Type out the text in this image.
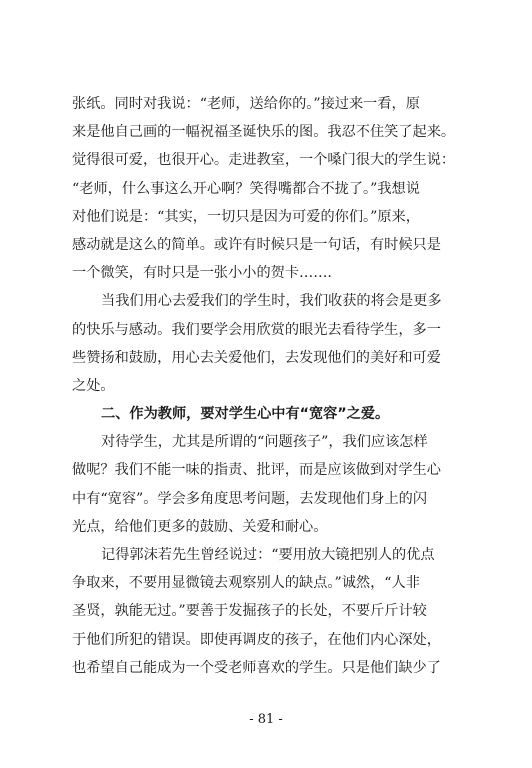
张纸。同时对我说：“老师，送给你的。”接过来一看，原
来是他自己画的一幅祝福圣诞快乐的图。我忍不住笑了起来。
觉得很可爱，也很开心。走进教室，一个嗓门很大的学生说：
“老师，什么事这么开心啊？笑得嘴都合不拢了。”我想说
对他们说是：“其实，一切只是因为可爱的你们。”原来，
感动就是这么的简单。或许有时候只是一句话，有时候只是
一个微笑，有时只是一张小小的贺卡…….
当我们用心去爱我们的学生时，我们收获的将会是更多
的快乐与感动。我们要学会用欣赏的眼光去看待学生，多一
些赞扬和鼓励，用心去关爱他们，去发现他们的美好和可爱
之处。
二、作为教师，要对学生心中有“宽容”之爱。
对待学生，尤其是所谓的“问题孩子”，我们应该怎样
做呢？我们不能一味的指责、批评，而是应该做到对学生心
中有“宽容”。学会多角度思考问题，去发现他们身上的闪
光点，给他们更多的鼓励、关爱和耐心。
记得郭沫若先生曾经说过：“要用放大镜把别人的优点
争取来，不要用显微镜去观察别人的缺点。”诚然，“人非
圣贤，孰能无过。”要善于发掘孩子的长处，不要斤斤计较
于他们所犯的错误。即使再调皮的孩子，在他们内心深处，
也希望自己能成为一个受老师喜欢的学生。只是他们缺少了
- 81 -
